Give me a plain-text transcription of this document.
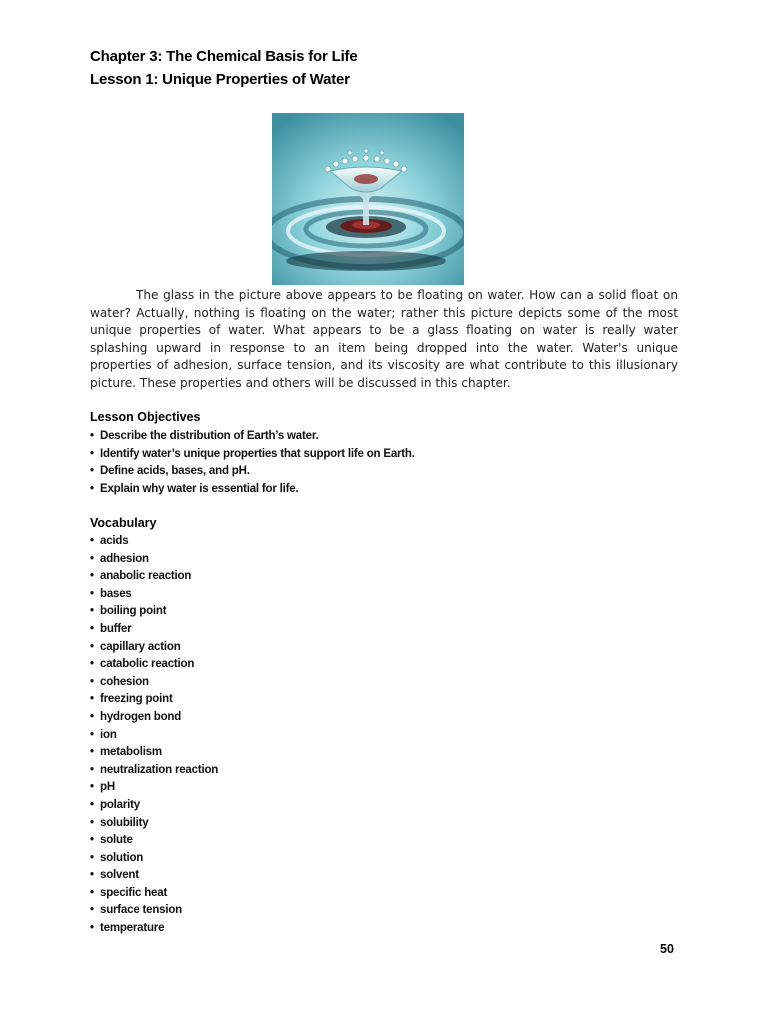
Chapter 3: The Chemical Basis for Life
Lesson 1: Unique Properties of Water

The glass in the picture above appears to be floating on water. How can a solid float on water? Actually, nothing is floating on the water; rather this picture depicts some of the most unique properties of water. What appears to be a glass floating on water is really water splashing upward in response to an item being dropped into the water. Water's unique properties of adhesion, surface tension, and its viscosity are what contribute to this illusionary picture. These properties and others will be discussed in this chapter.

Lesson Objectives
• Describe the distribution of Earth’s water.
• Identify water’s unique properties that support life on Earth.
• Define acids, bases, and pH.
• Explain why water is essential for life.
Vocabulary
• acids
• adhesion
• anabolic reaction
• bases
• boiling point
• buffer
• capillary action
• catabolic reaction
• cohesion
• freezing point
• hydrogen bond
• ion
• metabolism
• neutralization reaction
• pH
• polarity
• solubility
• solute
• solution
• solvent
• specific heat
• surface tension
• temperature
50
